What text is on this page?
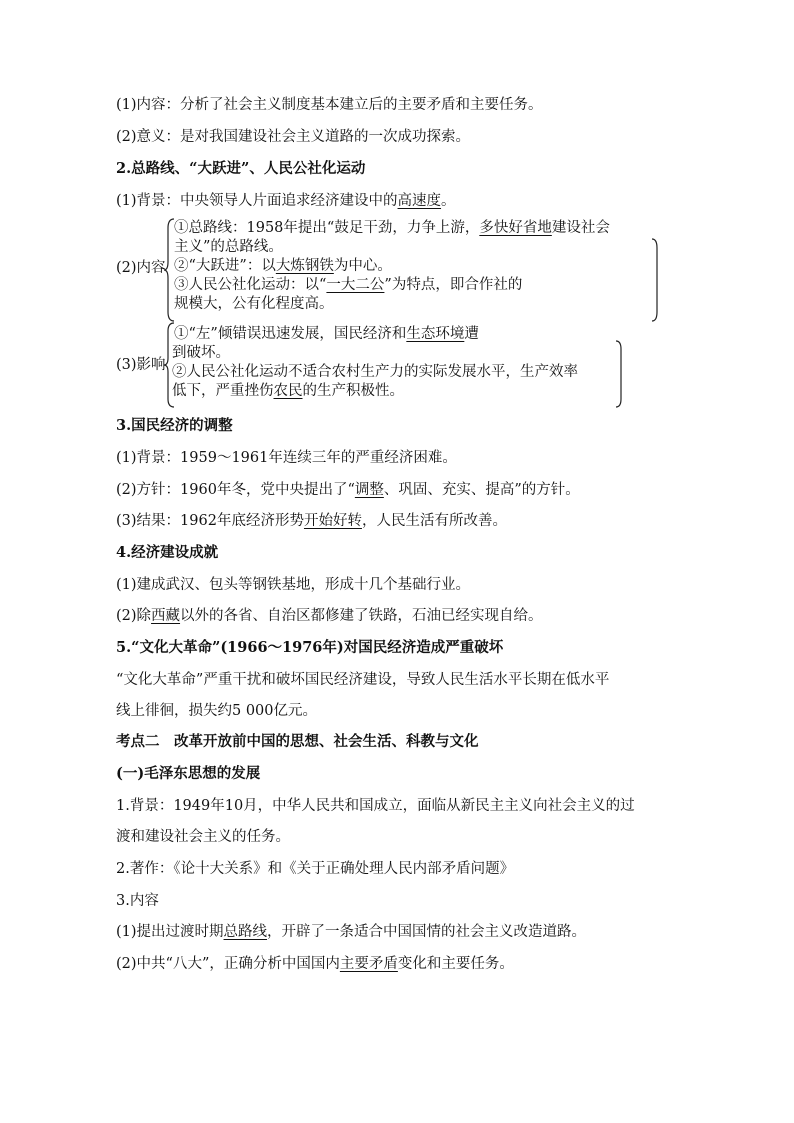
(1)内容：分析了社会主义制度基本建立后的主要矛盾和主要任务。
(2)意义：是对我国建设社会主义道路的一次成功探索。
2.总路线、“大跃进”、人民公社化运动
(1)背景：中央领导人片面追求经济建设中的高速度。
(2)内容
①总路线：1958年提出“鼓足干劲，力争上游，多快好省地建设社会
主义”的总路线。
②“大跃进”：以大炼钢铁为中心。
③人民公社化运动：以“一大二公”为特点，即合作社的
规模大，公有化程度高。
(3)影响
①“左”倾错误迅速发展，国民经济和生态环境遭
到破坏。
②人民公社化运动不适合农村生产力的实际发展水平，生产效率
低下，严重挫伤农民的生产积极性。
3.国民经济的调整
(1)背景：1959～1961年连续三年的严重经济困难。
(2)方针：1960年冬，党中央提出了“调整、巩固、充实、提高”的方针。
(3)结果：1962年底经济形势开始好转，人民生活有所改善。
4.经济建设成就
(1)建成武汉、包头等钢铁基地，形成十几个基础行业。
(2)除西藏以外的各省、自治区都修建了铁路，石油已经实现自给。
5.“文化大革命”(1966～1976年)对国民经济造成严重破坏
“文化大革命”严重干扰和破坏国民经济建设，导致人民生活水平长期在低水平
线上徘徊，损失约5 000亿元。
考点二　改革开放前中国的思想、社会生活、科教与文化
(一)毛泽东思想的发展
1.背景：1949年10月，中华人民共和国成立，面临从新民主主义向社会主义的过
渡和建设社会主义的任务。
2.著作：《论十大关系》和《关于正确处理人民内部矛盾问题》
3.内容
(1)提出过渡时期总路线，开辟了一条适合中国国情的社会主义改造道路。
(2)中共“八大”，正确分析中国国内主要矛盾变化和主要任务。
